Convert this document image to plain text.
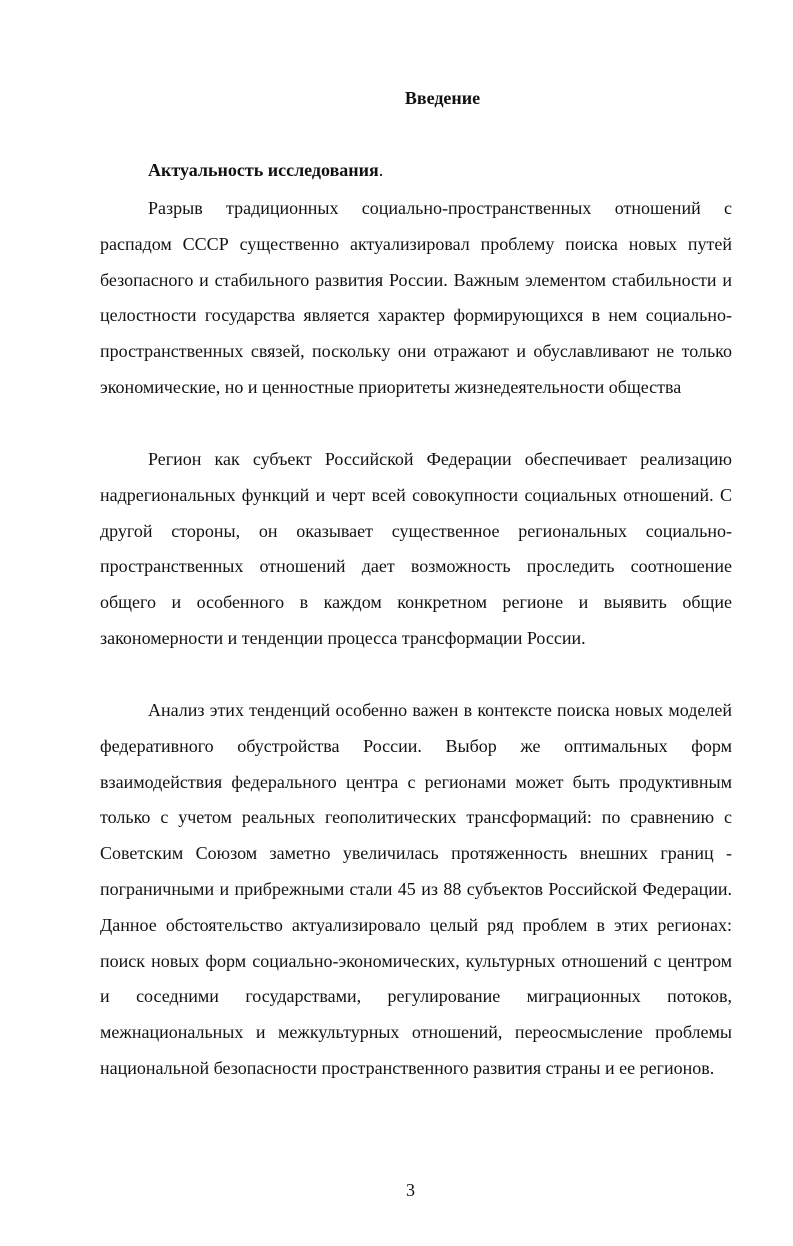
Введение
Актуальность исследования.

Разрыв традиционных социально-пространственных отношений с распадом СССР существенно актуализировал проблему поиска новых путей безопасного и стабильного развития России. Важным элементом стабильности и целостности государства является характер формирующихся в нем социально-пространственных связей, поскольку они отражают и обуславливают не только экономические, но и ценностные приоритеты жизнедеятельности общества

Регион как субъект Российской Федерации обеспечивает реализацию надрегиональных функций и черт всей совокупности социальных отношений. С другой стороны, он оказывает существенное региональных социально-пространственных отношений дает возможность проследить соотношение общего и особенного в каждом конкретном регионе и выявить общие закономерности и тенденции процесса трансформации России.

Анализ этих тенденций особенно важен в контексте поиска новых моделей федеративного обустройства России. Выбор же оптимальных форм взаимодействия федерального центра с регионами может быть продуктивным только с учетом реальных геополитических трансформаций: по сравнению с Советским Союзом заметно увеличилась протяженность внешних границ - пограничными и прибрежными стали 45 из 88 субъектов Российской Федерации. Данное обстоятельство актуализировало целый ряд проблем в этих регионах: поиск новых форм социально-экономических, культурных отношений с центром и соседними государствами, регулирование миграционных потоков, межнациональных и межкультурных отношений, переосмысление проблемы национальной безопасности пространственного развития страны и ее регионов.

3
